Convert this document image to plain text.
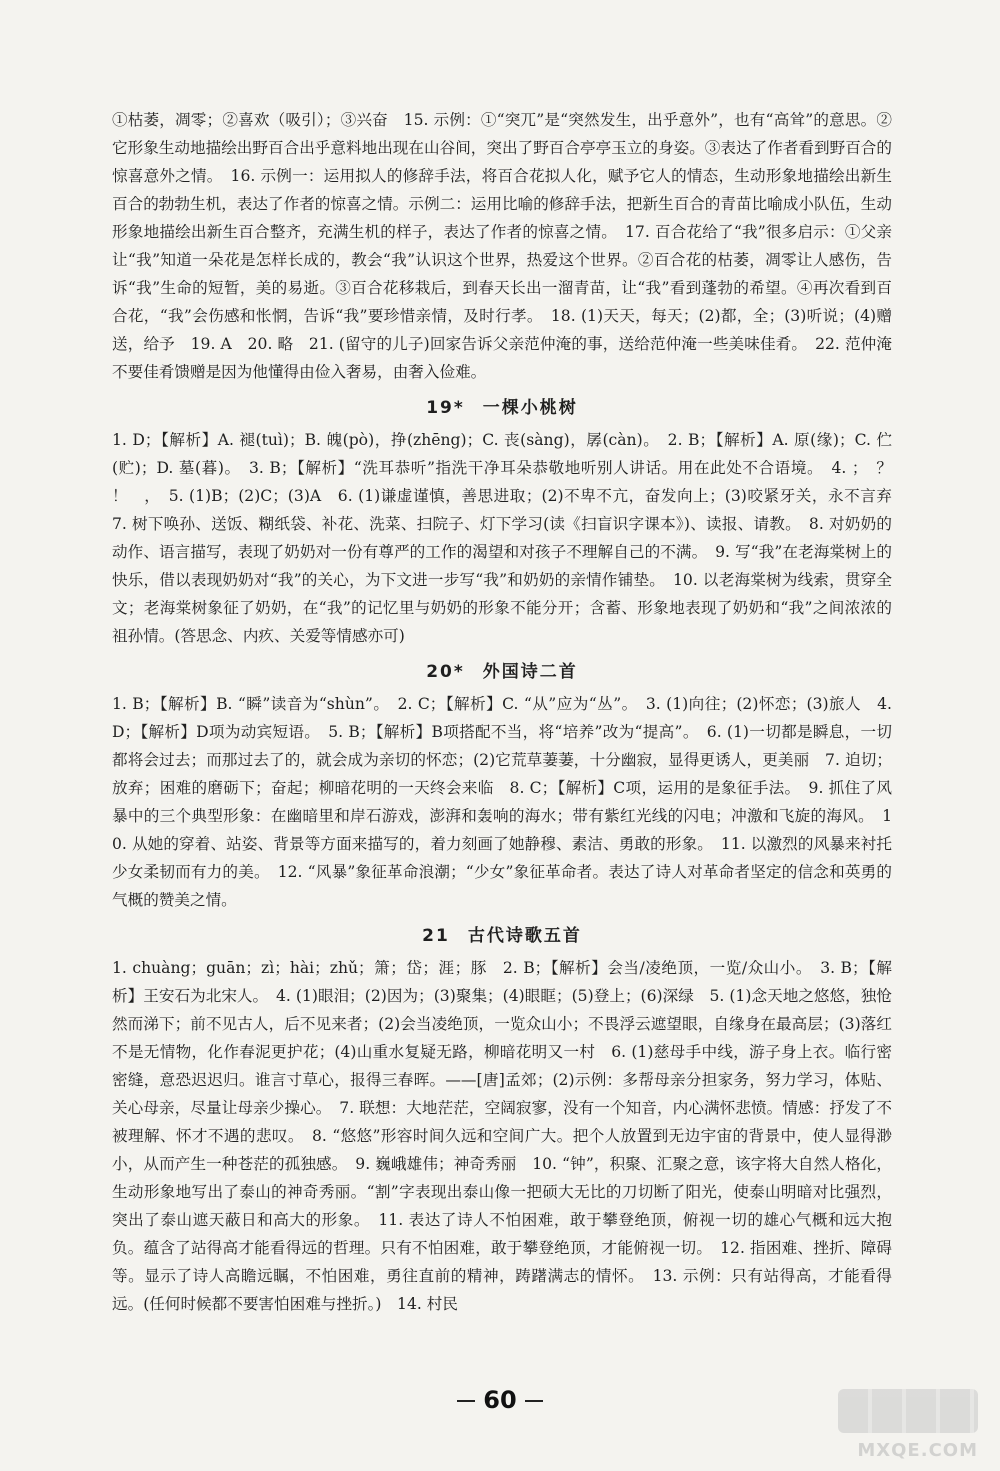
①枯萎，凋零；②喜欢（吸引）；③兴奋　15. 示例：①“突兀”是“突然发生，出乎意外”，也有“高耸”的意思。②它形象生动地描绘出野百合出乎意料地出现在山谷间，突出了野百合亭亭玉立的身姿。③表达了作者看到野百合的惊喜意外之情。　16. 示例一：运用拟人的修辞手法，将百合花拟人化，赋予它人的情态，生动形象地描绘出新生百合的勃勃生机，表达了作者的惊喜之情。示例二：运用比喻的修辞手法，把新生百合的青苗比喻成小队伍，生动形象地描绘出新生百合整齐，充满生机的样子，表达了作者的惊喜之情。　17. 百合花给了“我”很多启示：①父亲让“我”知道一朵花是怎样长成的，教会“我”认识这个世界，热爱这个世界。②百合花的枯萎，凋零让人感伤，告诉“我”生命的短暂，美的易逝。③百合花移栽后，到春天长出一溜青苗，让“我”看到蓬勃的希望。④再次看到百合花，“我”会伤感和怅惘，告诉“我”要珍惜亲情，及时行孝。　18. (1)天天，每天；(2)都，全；(3)听说；(4)赠送，给予　19. A　20. 略　21. (留守的儿子)回家告诉父亲范仲淹的事，送给范仲淹一些美味佳肴。　22. 范仲淹不要佳肴馈赠是因为他懂得由俭入奢易，由奢入俭难。

19* 一棵小桃树

1. D；【解析】A. 褪(tuì)；B. 魄(pò)，挣(zhēng)；C. 丧(sàng)，孱(càn)。　2. B；【解析】A. 原(缘)；C. 伫(贮)；D. 墓(暮)。　3. B；【解析】“洗耳恭听”指洗干净耳朵恭敬地听别人讲话。用在此处不合语境。　4. ；　？　！　，　5. (1)B；(2)C；(3)A　6. (1)谦虚谨慎，善思进取；(2)不卑不亢，奋发向上；(3)咬紧牙关，永不言弃　7. 树下唤孙、送饭、糊纸袋、补花、洗菜、扫院子、灯下学习(读《扫盲识字课本》)、读报、请教。　8. 对奶奶的动作、语言描写，表现了奶奶对一份有尊严的工作的渴望和对孩子不理解自己的不满。　9. 写“我”在老海棠树上的快乐，借以表现奶奶对“我”的关心，为下文进一步写“我”和奶奶的亲情作铺垫。　10. 以老海棠树为线索，贯穿全文；老海棠树象征了奶奶，在“我”的记忆里与奶奶的形象不能分开；含蓄、形象地表现了奶奶和“我”之间浓浓的祖孙情。(答思念、内疚、关爱等情感亦可)

20* 外国诗二首

1. B；【解析】B. “瞬”读音为“shùn”。　2. C；【解析】C. “从”应为“丛”。　3. (1)向往；(2)怀恋；(3)旅人　4. D；【解析】D项为动宾短语。　5. B；【解析】B项搭配不当，将“培养”改为“提高”。　6. (1)一切都是瞬息，一切都将会过去；而那过去了的，就会成为亲切的怀恋；(2)它荒草萋萋，十分幽寂，显得更诱人，更美丽　7. 迫切；放弃；困难的磨砺下；奋起；柳暗花明的一天终会来临　8. C；【解析】C项，运用的是象征手法。　9. 抓住了风暴中的三个典型形象：在幽暗里和岸石游戏，澎湃和轰响的海水；带有紫红光线的闪电；冲激和飞旋的海风。　10. 从她的穿着、站姿、背景等方面来描写的，着力刻画了她静穆、素洁、勇敢的形象。　11. 以激烈的风暴来衬托少女柔韧而有力的美。　12. “风暴”象征革命浪潮；“少女”象征革命者。表达了诗人对革命者坚定的信念和英勇的气概的赞美之情。

21 古代诗歌五首

1. chuàng；guān；zì；hài；zhǔ；箫；岱；涯；豚　2. B；【解析】会当/凌绝顶，一览/众山小。　3. B；【解析】王安石为北宋人。　4. (1)眼泪；(2)因为；(3)聚集；(4)眼眶；(5)登上；(6)深绿　5. (1)念天地之悠悠，独怆然而涕下；前不见古人，后不见来者；(2)会当凌绝顶，一览众山小；不畏浮云遮望眼，自缘身在最高层；(3)落红不是无情物，化作春泥更护花；(4)山重水复疑无路，柳暗花明又一村　6. (1)慈母手中线，游子身上衣。临行密密缝，意恐迟迟归。谁言寸草心，报得三春晖。——[唐]孟郊；(2)示例：多帮母亲分担家务，努力学习，体贴、关心母亲，尽量让母亲少操心。　7. 联想：大地茫茫，空阔寂寥，没有一个知音，内心满怀悲愤。情感：抒发了不被理解、怀才不遇的悲叹。　8. “悠悠”形容时间久远和空间广大。把个人放置到无边宇宙的背景中，使人显得渺小，从而产生一种苍茫的孤独感。　9. 巍峨雄伟；神奇秀丽　10. “钟”，积聚、汇聚之意，该字将大自然人格化，生动形象地写出了泰山的神奇秀丽。“割”字表现出泰山像一把硕大无比的刀切断了阳光，使泰山明暗对比强烈，突出了泰山遮天蔽日和高大的形象。　11. 表达了诗人不怕困难，敢于攀登绝顶，俯视一切的雄心气概和远大抱负。蕴含了站得高才能看得远的哲理。只有不怕困难，敢于攀登绝顶，才能俯视一切。　12. 指困难、挫折、障碍等。显示了诗人高瞻远瞩，不怕困难，勇往直前的精神，踌躇满志的情怀。　13. 示例：只有站得高，才能看得远。(任何时候都不要害怕困难与挫折。)　14. 村民

60
MXQE.COM
